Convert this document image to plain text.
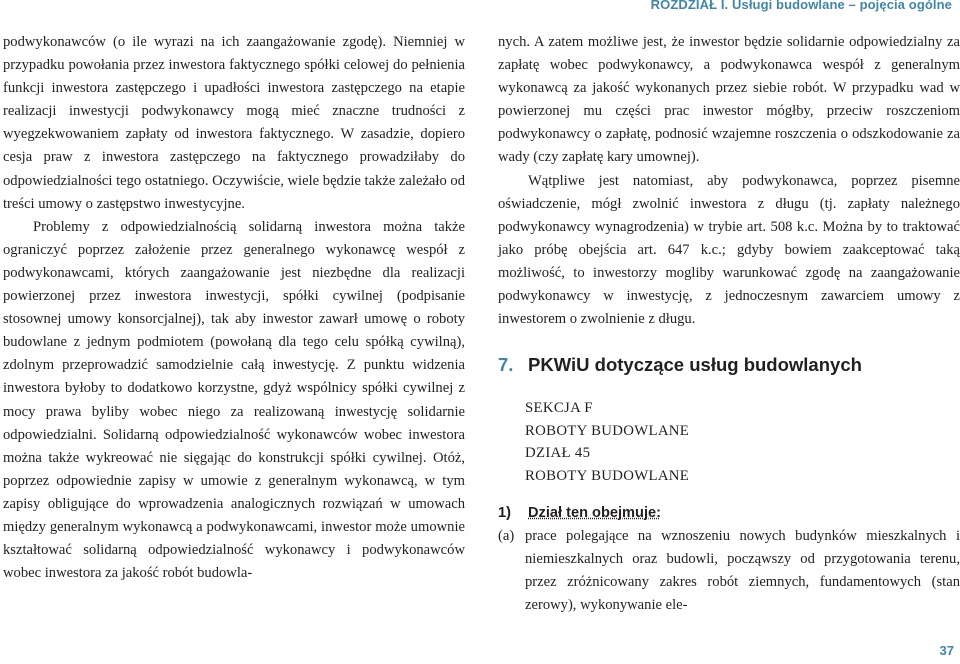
ROZDZIAŁ I. Usługi budowlane – pojęcia ogólne

podwykonawców (o ile wyrazi na ich zaangażowanie zgodę). Niemniej w przypadku powołania przez inwestora faktycznego spółki celowej do pełnienia funkcji inwestora zastępczego i upadłości inwestora zastępczego na etapie realizacji inwestycji podwykonawcy mogą mieć znaczne trudności z wyegzekwowaniem zapłaty od inwestora faktycznego. W zasadzie, dopiero cesja praw z inwestora zastępczego na faktycznego prowadziłaby do odpowiedzialności tego ostatniego. Oczywiście, wiele będzie także zależało od treści umowy o zastępstwo inwestycyjne.

Problemy z odpowiedzialnością solidarną inwestora można także ograniczyć poprzez założenie przez generalnego wykonawcę wespół z podwykonawcami, których zaangażowanie jest niezbędne dla realizacji powierzonej przez inwestora inwestycji, spółki cywilnej (podpisanie stosownej umowy konsorcjalnej), tak aby inwestor zawarł umowę o roboty budowlane z jednym podmiotem (powołaną dla tego celu spółką cywilną), zdolnym przeprowadzić samodzielnie całą inwestycję. Z punktu widzenia inwestora byłoby to dodatkowo korzystne, gdyż wspólnicy spółki cywilnej z mocy prawa byliby wobec niego za realizowaną inwestycję solidarnie odpowiedzialni. Solidarną odpowiedzialność wykonawców wobec inwestora można także wykreować nie sięgając do konstrukcji spółki cywilnej. Otóż, poprzez odpowiednie zapisy w umowie z generalnym wykonawcą, w tym zapisy obligujące do wprowadzenia analogicznych rozwiązań w umowach między generalnym wykonawcą a podwykonawcami, inwestor może umownie kształtować solidarną odpowiedzialność wykonawcy i podwykonawców wobec inwestora za jakość robót budowla-

nych. A zatem możliwe jest, że inwestor będzie solidarnie odpowiedzialny za zapłatę wobec podwykonawcy, a podwykonawca wespół z generalnym wykonawcą za jakość wykonanych przez siebie robót. W przypadku wad w powierzonej mu części prac inwestor mógłby, przeciw roszczeniom podwykonawcy o zapłatę, podnosić wzajemne roszczenia o odszkodowanie za wady (czy zapłatę kary umownej).

Wątpliwe jest natomiast, aby podwykonawca, poprzez pisemne oświadczenie, mógł zwolnić inwestora z długu (tj. zapłaty należnego podwykonawcy wynagrodzenia) w trybie art. 508 k.c. Można by to traktować jako próbę obejścia art. 647 k.c.; gdyby bowiem zaakceptować taką możliwość, to inwestorzy mogliby warunkować zgodę na zaangażowanie podwykonawcy w inwestycję, z jednoczesnym zawarciem umowy z inwestorem o zwolnienie z długu.

7. PKWiU dotyczące usług budowlanych

SEKCJA F
ROBOTY BUDOWLANE
DZIAŁ 45
ROBOTY BUDOWLANE

1) Dział ten obejmuje:

(a) prace polegające na wznoszeniu nowych budynków mieszkalnych i niemieszkalnych oraz budowli, począwszy od przygotowania terenu, przez zróżnicowany zakres robót ziemnych, fundamentowych (stan zerowy), wykonywanie ele-
37
